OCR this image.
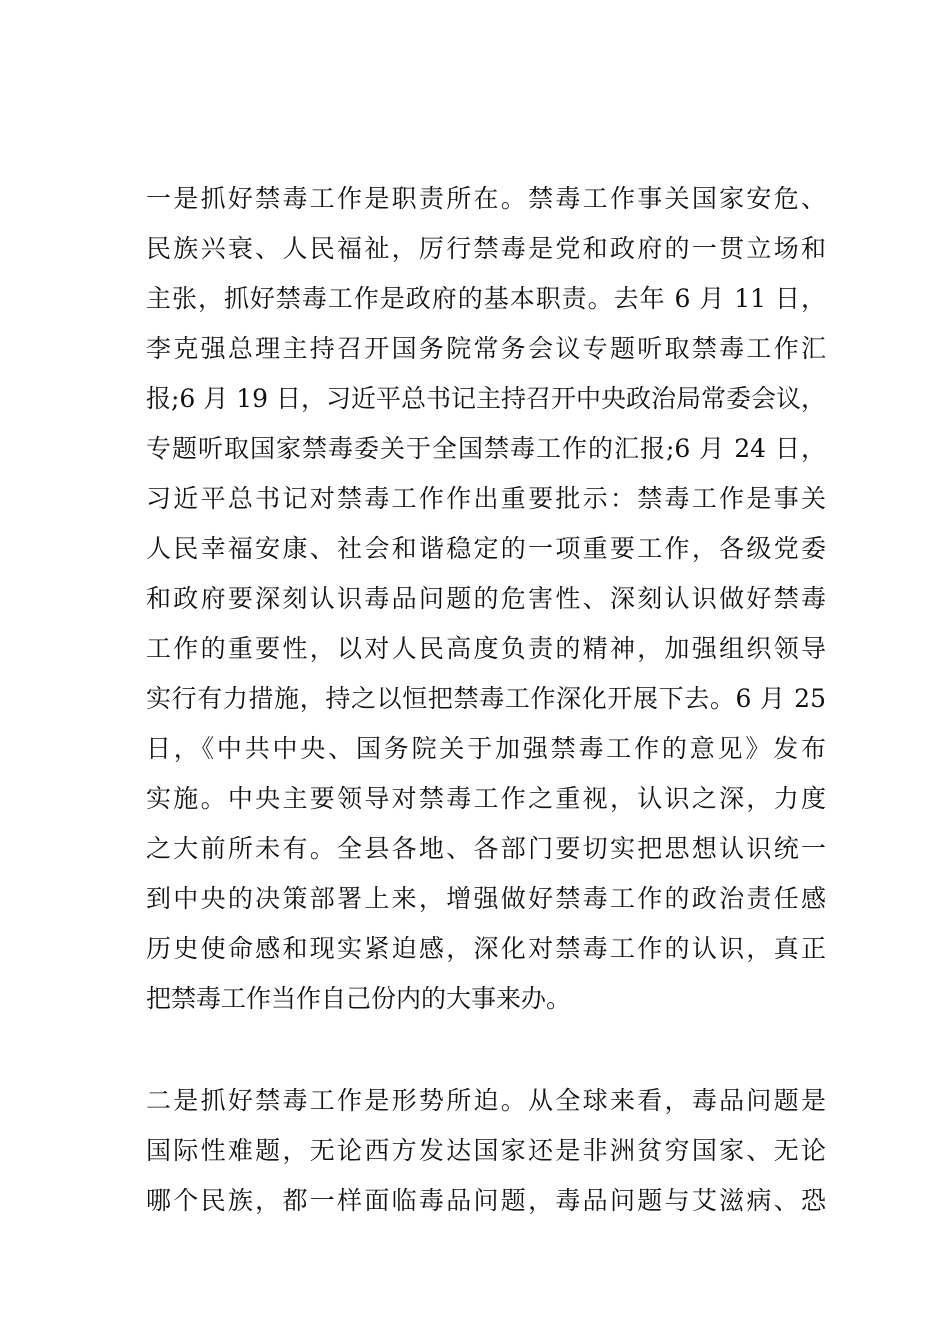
一是抓好禁毒工作是职责所在。禁毒工作事关国家安危、
民族兴衰、人民福祉，厉行禁毒是党和政府的一贯立场和
主张，抓好禁毒工作是政府的基本职责。去年 6 月 11 日，
李克强总理主持召开国务院常务会议专题听取禁毒工作汇
报;6 月 19 日，习近平总书记主持召开中央政治局常委会议，
专题听取国家禁毒委关于全国禁毒工作的汇报;6 月 24 日，
习近平总书记对禁毒工作作出重要批示：禁毒工作是事关
人民幸福安康、社会和谐稳定的一项重要工作，各级党委
和政府要深刻认识毒品问题的危害性、深刻认识做好禁毒
工作的重要性，以对人民高度负责的精神，加强组织领导
实行有力措施，持之以恒把禁毒工作深化开展下去。6 月 25
日，《中共中央、国务院关于加强禁毒工作的意见》发布
实施。中央主要领导对禁毒工作之重视，认识之深，力度
之大前所未有。全县各地、各部门要切实把思想认识统一
到中央的决策部署上来，增强做好禁毒工作的政治责任感
历史使命感和现实紧迫感，深化对禁毒工作的认识，真正
把禁毒工作当作自己份内的大事来办。
二是抓好禁毒工作是形势所迫。从全球来看，毒品问题是
国际性难题，无论西方发达国家还是非洲贫穷国家、无论
哪个民族，都一样面临毒品问题，毒品问题与艾滋病、恐
